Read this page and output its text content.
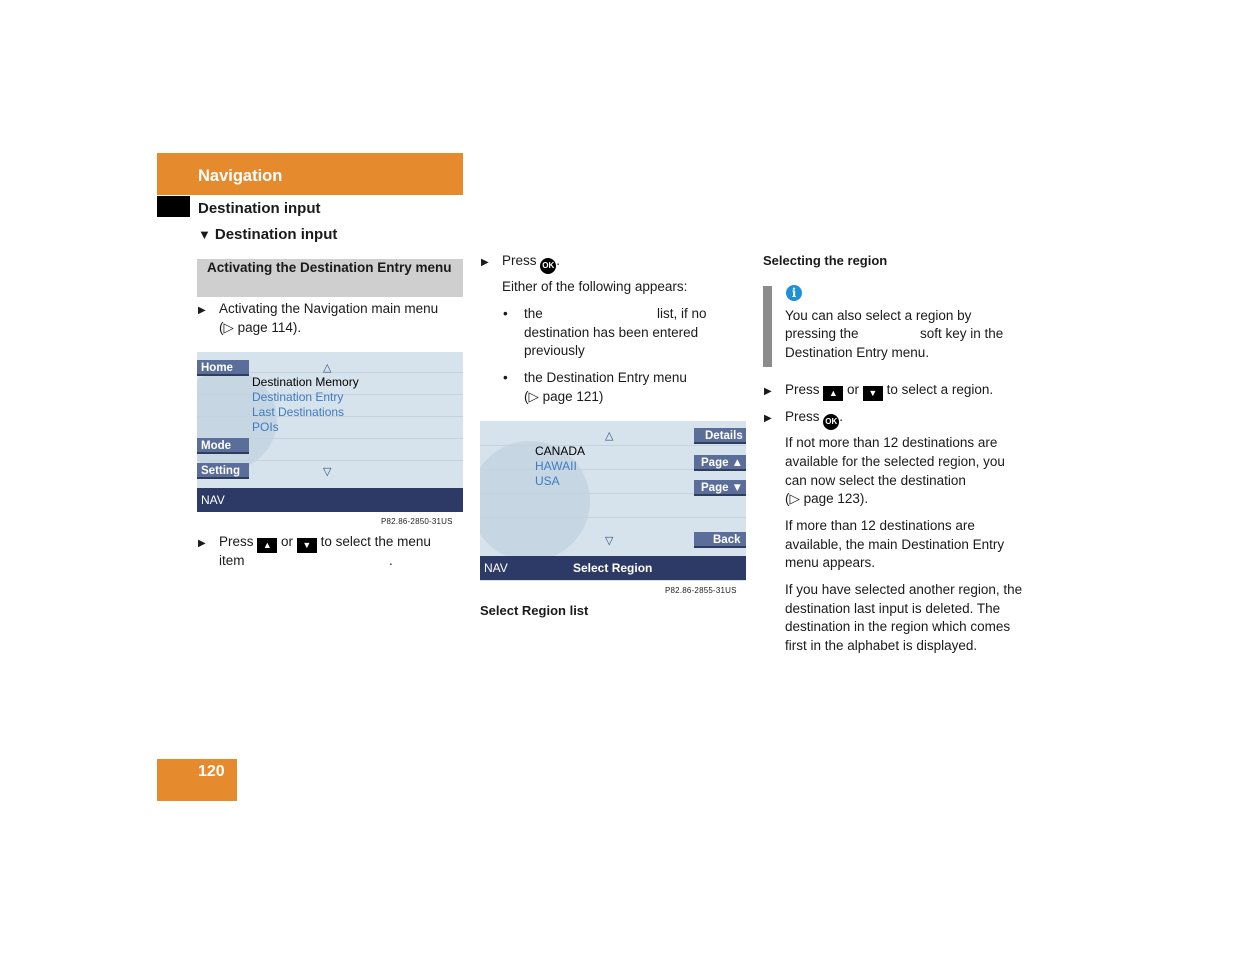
Navigation
Destination input
▼ Destination input
Activating the Destination Entry menu
▶ Activating the Navigation main menu
(▷ page 114).
Home
Mode
Setting
△
Destination Memory
Destination Entry
Last Destinations
POIs
▽
NAV
P82.86-2850-31US
▶ Press ▲ or ▼ to select the menu
item	.
▶ Press OK .
Either of the following appears:
• the	list, if no
destination has been entered
previously
• the Destination Entry menu
(▷ page 121)
△
CANADA
HAWAII
USA
▽
Details
Page ▲
Page ▼
Back
NAV	Select Region
P82.86-2855-31US
Select Region list
Selecting the region
i
You can also select a region by
pressing the	soft key in the
Destination Entry menu.
▶ Press ▲ or ▼ to select a region.
▶ Press OK .
If not more than 12 destinations are
available for the selected region, you
can now select the destination
(▷ page 123).
If more than 12 destinations are
available, the main Destination Entry
menu appears.
If you have selected another region, the
destination last input is deleted. The
destination in the region which comes
first in the alphabet is displayed.
120
